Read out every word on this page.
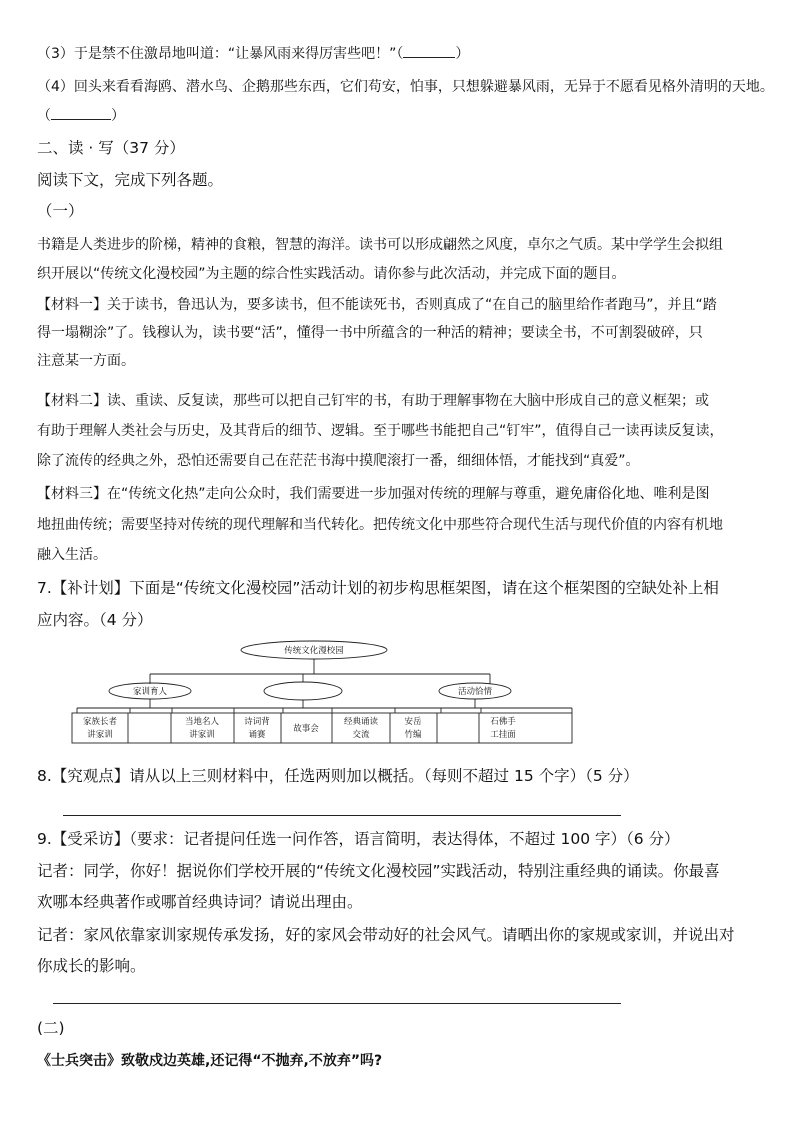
（3）于是禁不住激昂地叫道：“让暴风雨来得厉害些吧！”（	）
（4）回头来看看海鸥、潜水鸟、企鹅那些东西，它们苟安，怕事，只想躲避暴风雨，无异于不愿看见格外清明的天地。
（	）
二、读 · 写（37 分）
阅读下文，完成下列各题。
（一）
书籍是人类进步的阶梯，精神的食粮，智慧的海洋。读书可以形成翩然之风度，卓尔之气质。某中学学生会拟组
织开展以“传统文化漫校园”为主题的综合性实践活动。请你参与此次活动，并完成下面的题目。
【材料一】关于读书，鲁迅认为，要多读书，但不能读死书，否则真成了“在自己的脑里给作者跑马”，并且“踏
得一塌糊涂”了。钱穆认为，读书要“活”，懂得一书中所蕴含的一种活的精神；要读全书，不可割裂破碎，只
注意某一方面。
【材料二】读、重读、反复读，那些可以把自己钉牢的书，有助于理解事物在大脑中形成自己的意义框架；或
有助于理解人类社会与历史，及其背后的细节、逻辑。至于哪些书能把自己“钉牢”，值得自己一读再读反复读，
除了流传的经典之外，恐怕还需要自己在茫茫书海中摸爬滚打一番，细细体悟，才能找到“真爱”。
【材料三】在“传统文化热”走向公众时，我们需要进一步加强对传统的理解与尊重，避免庸俗化地、唯利是图
地扭曲传统；需要坚持对传统的现代理解和当代转化。把传统文化中那些符合现代生活与现代价值的内容有机地
融入生活。
7.【补计划】下面是“传统文化漫校园”活动计划的初步构思框架图，请在这个框架图的空缺处补上相
应内容。（4 分）
传统文化漫校园
家训育人	活动恰情
家族长者
讲家训
当地名人
讲家训
诗词背
诵赛
故事会
经典诵读
交流
安岳
竹编
石佛手
工挂面
8.【究观点】请从以上三则材料中，任选两则加以概括。（每则不超过 15 个字）（5 分）
9.【受采访】（要求：记者提问任选一问作答，语言简明，表达得体，不超过 100 字）（6 分）
记者：同学，你好！据说你们学校开展的“传统文化漫校园”实践活动，特别注重经典的诵读。你最喜
欢哪本经典著作或哪首经典诗词？请说出理由。
记者：家风依靠家训家规传承发扬，好的家风会带动好的社会风气。请晒出你的家规或家训，并说出对
你成长的影响。
(二)
《士兵突击》致敬戍边英雄,还记得“不抛弃,不放弃”吗?
